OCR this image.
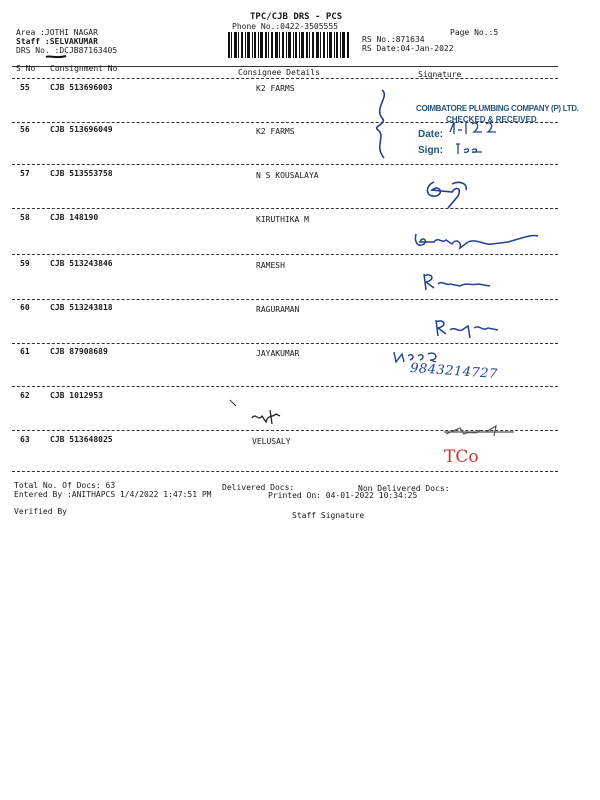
TPC/CJB DRS - PCS
Phone No.:0422-3505555
Area :JOTHI NAGAR
Staff :SELVAKUMAR
DRS No. :DCJB87163405
Page No.:5
RS No.:871634
RS Date:04-Jan-2022
S No Consignment No	Consignee Details	Signature
55	CJB 513696003	K2 FARMS
56	CJB 513696049	K2 FARMS
57	CJB 513553758	N S KOUSALAYA
58	CJB 148190	KIRUTHIKA M
59	CJB 513243846	RAMESH
60	CJB 513243818	RAGURAMAN
61	CJB 87908689	JAYAKUMAR
62	CJB 1012953
63	CJB 513648025	VELUSALY
Total No. Of Docs: 63	Delivered Docs:	Non Delivered Docs:
Entered By :ANITHAPCS 1/4/2022 1:47:51 PM	Printed On: 04-01-2022 10:34:25
Verified By	Staff Signature
COIMBATORE PLUMBING COMPANY (P) LTD.
CHECKED & RECEIVED
Date:
Sign:
9843214727
TCo
